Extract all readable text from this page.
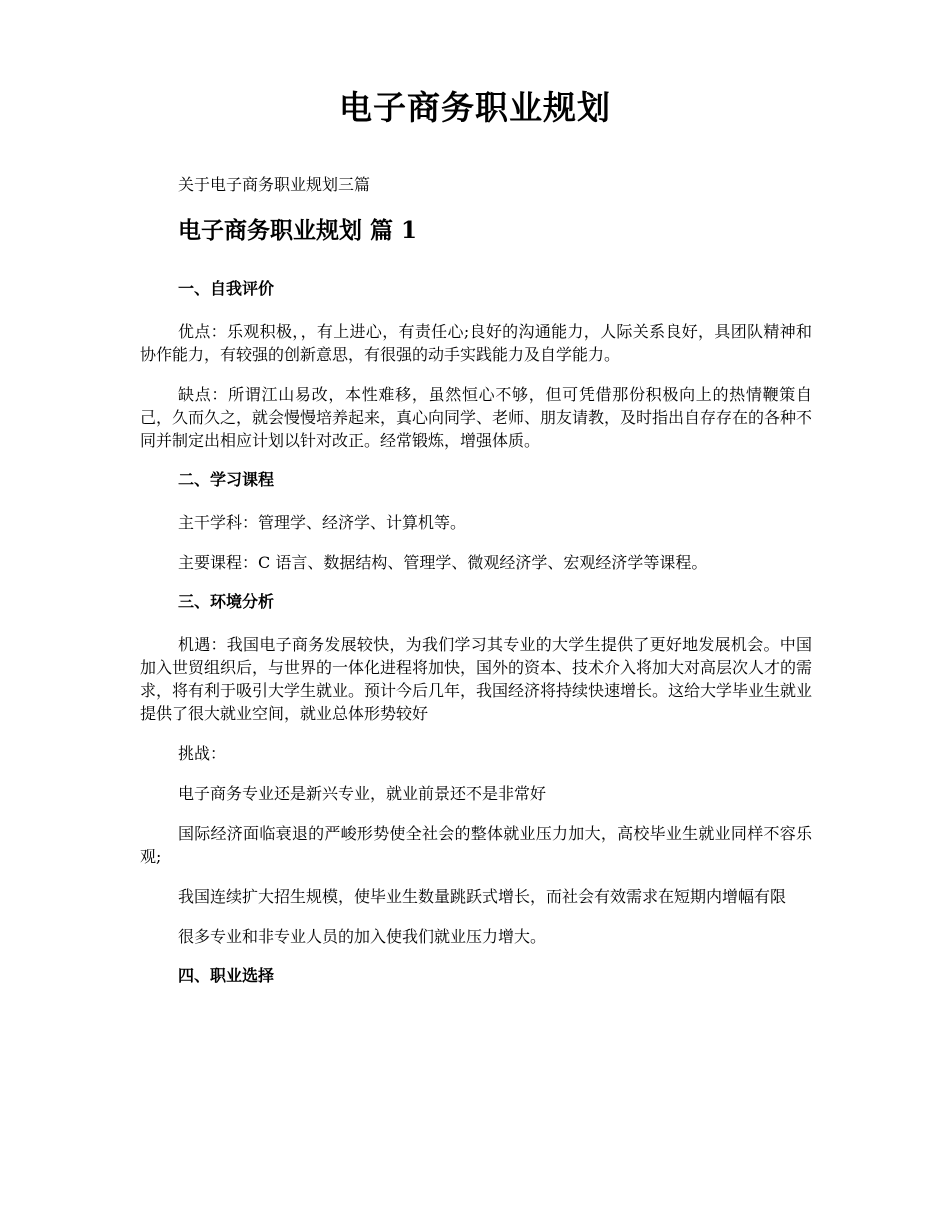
电子商务职业规划

关于电子商务职业规划三篇

电子商务职业规划 篇 1
一、自我评价

优点：乐观积极，，有上进心，有责任心;良好的沟通能力，人际关系良好，具团队精神和协作能力，有较强的创新意思，有很强的动手实践能力及自学能力。

缺点：所谓江山易改，本性难移，虽然恒心不够，但可凭借那份积极向上的热情鞭策自己，久而久之，就会慢慢培养起来，真心向同学、老师、朋友请教，及时指出自存存在的各种不同并制定出相应计划以针对改正。经常锻炼，增强体质。

二、学习课程

主干学科：管理学、经济学、计算机等。

主要课程：C 语言、数据结构、管理学、微观经济学、宏观经济学等课程。

三、环境分析

机遇：我国电子商务发展较快，为我们学习其专业的大学生提供了更好地发展机会。中国加入世贸组织后，与世界的一体化进程将加快，国外的资本、技术介入将加大对高层次人才的需求，将有利于吸引大学生就业。预计今后几年，我国经济将持续快速增长。这给大学毕业生就业提供了很大就业空间，就业总体形势较好

挑战：

电子商务专业还是新兴专业，就业前景还不是非常好

国际经济面临衰退的严峻形势使全社会的整体就业压力加大，高校毕业生就业同样不容乐观;

我国连续扩大招生规模，使毕业生数量跳跃式增长，而社会有效需求在短期内增幅有限

很多专业和非专业人员的加入使我们就业压力增大。

四、职业选择
